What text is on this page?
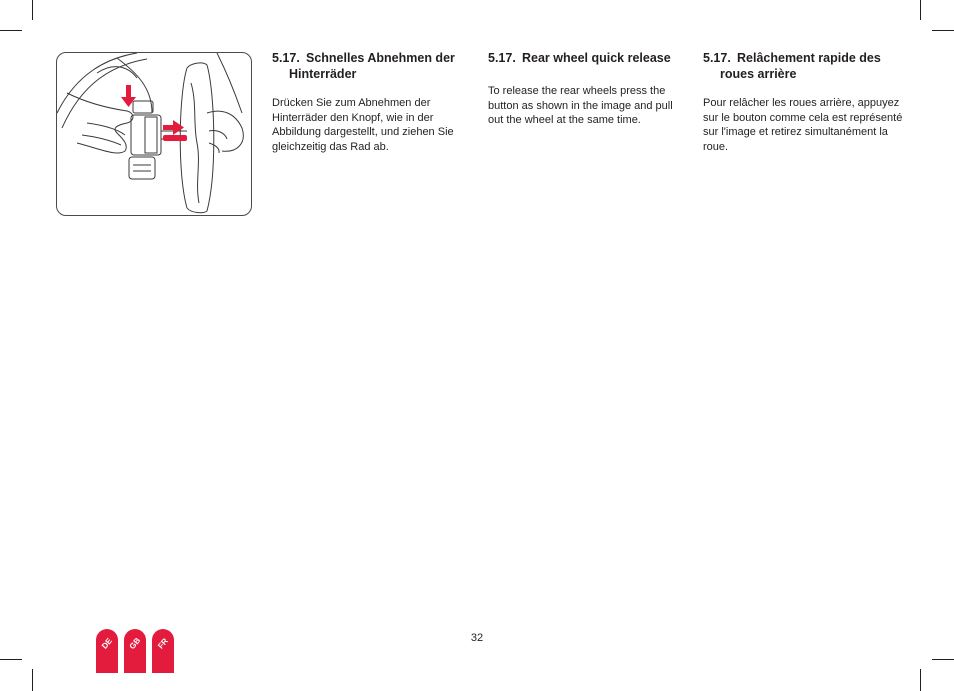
5.17. Schnelles Abnehmen der Hinterräder

Drücken Sie zum Abnehmen der Hinterräder den Knopf, wie in der Abbildung dargestellt, und ziehen Sie gleichzeitig das Rad ab.

5.17. Rear wheel quick release

To release the rear wheels press the button as shown in the image and pull out the wheel at the same time.

5.17. Relâchement rapide des roues arrière

Pour relâcher les roues arrière, appuyez sur le bouton comme cela est représenté sur l'image et retirez simultanément la roue.

32
DE GB FR
